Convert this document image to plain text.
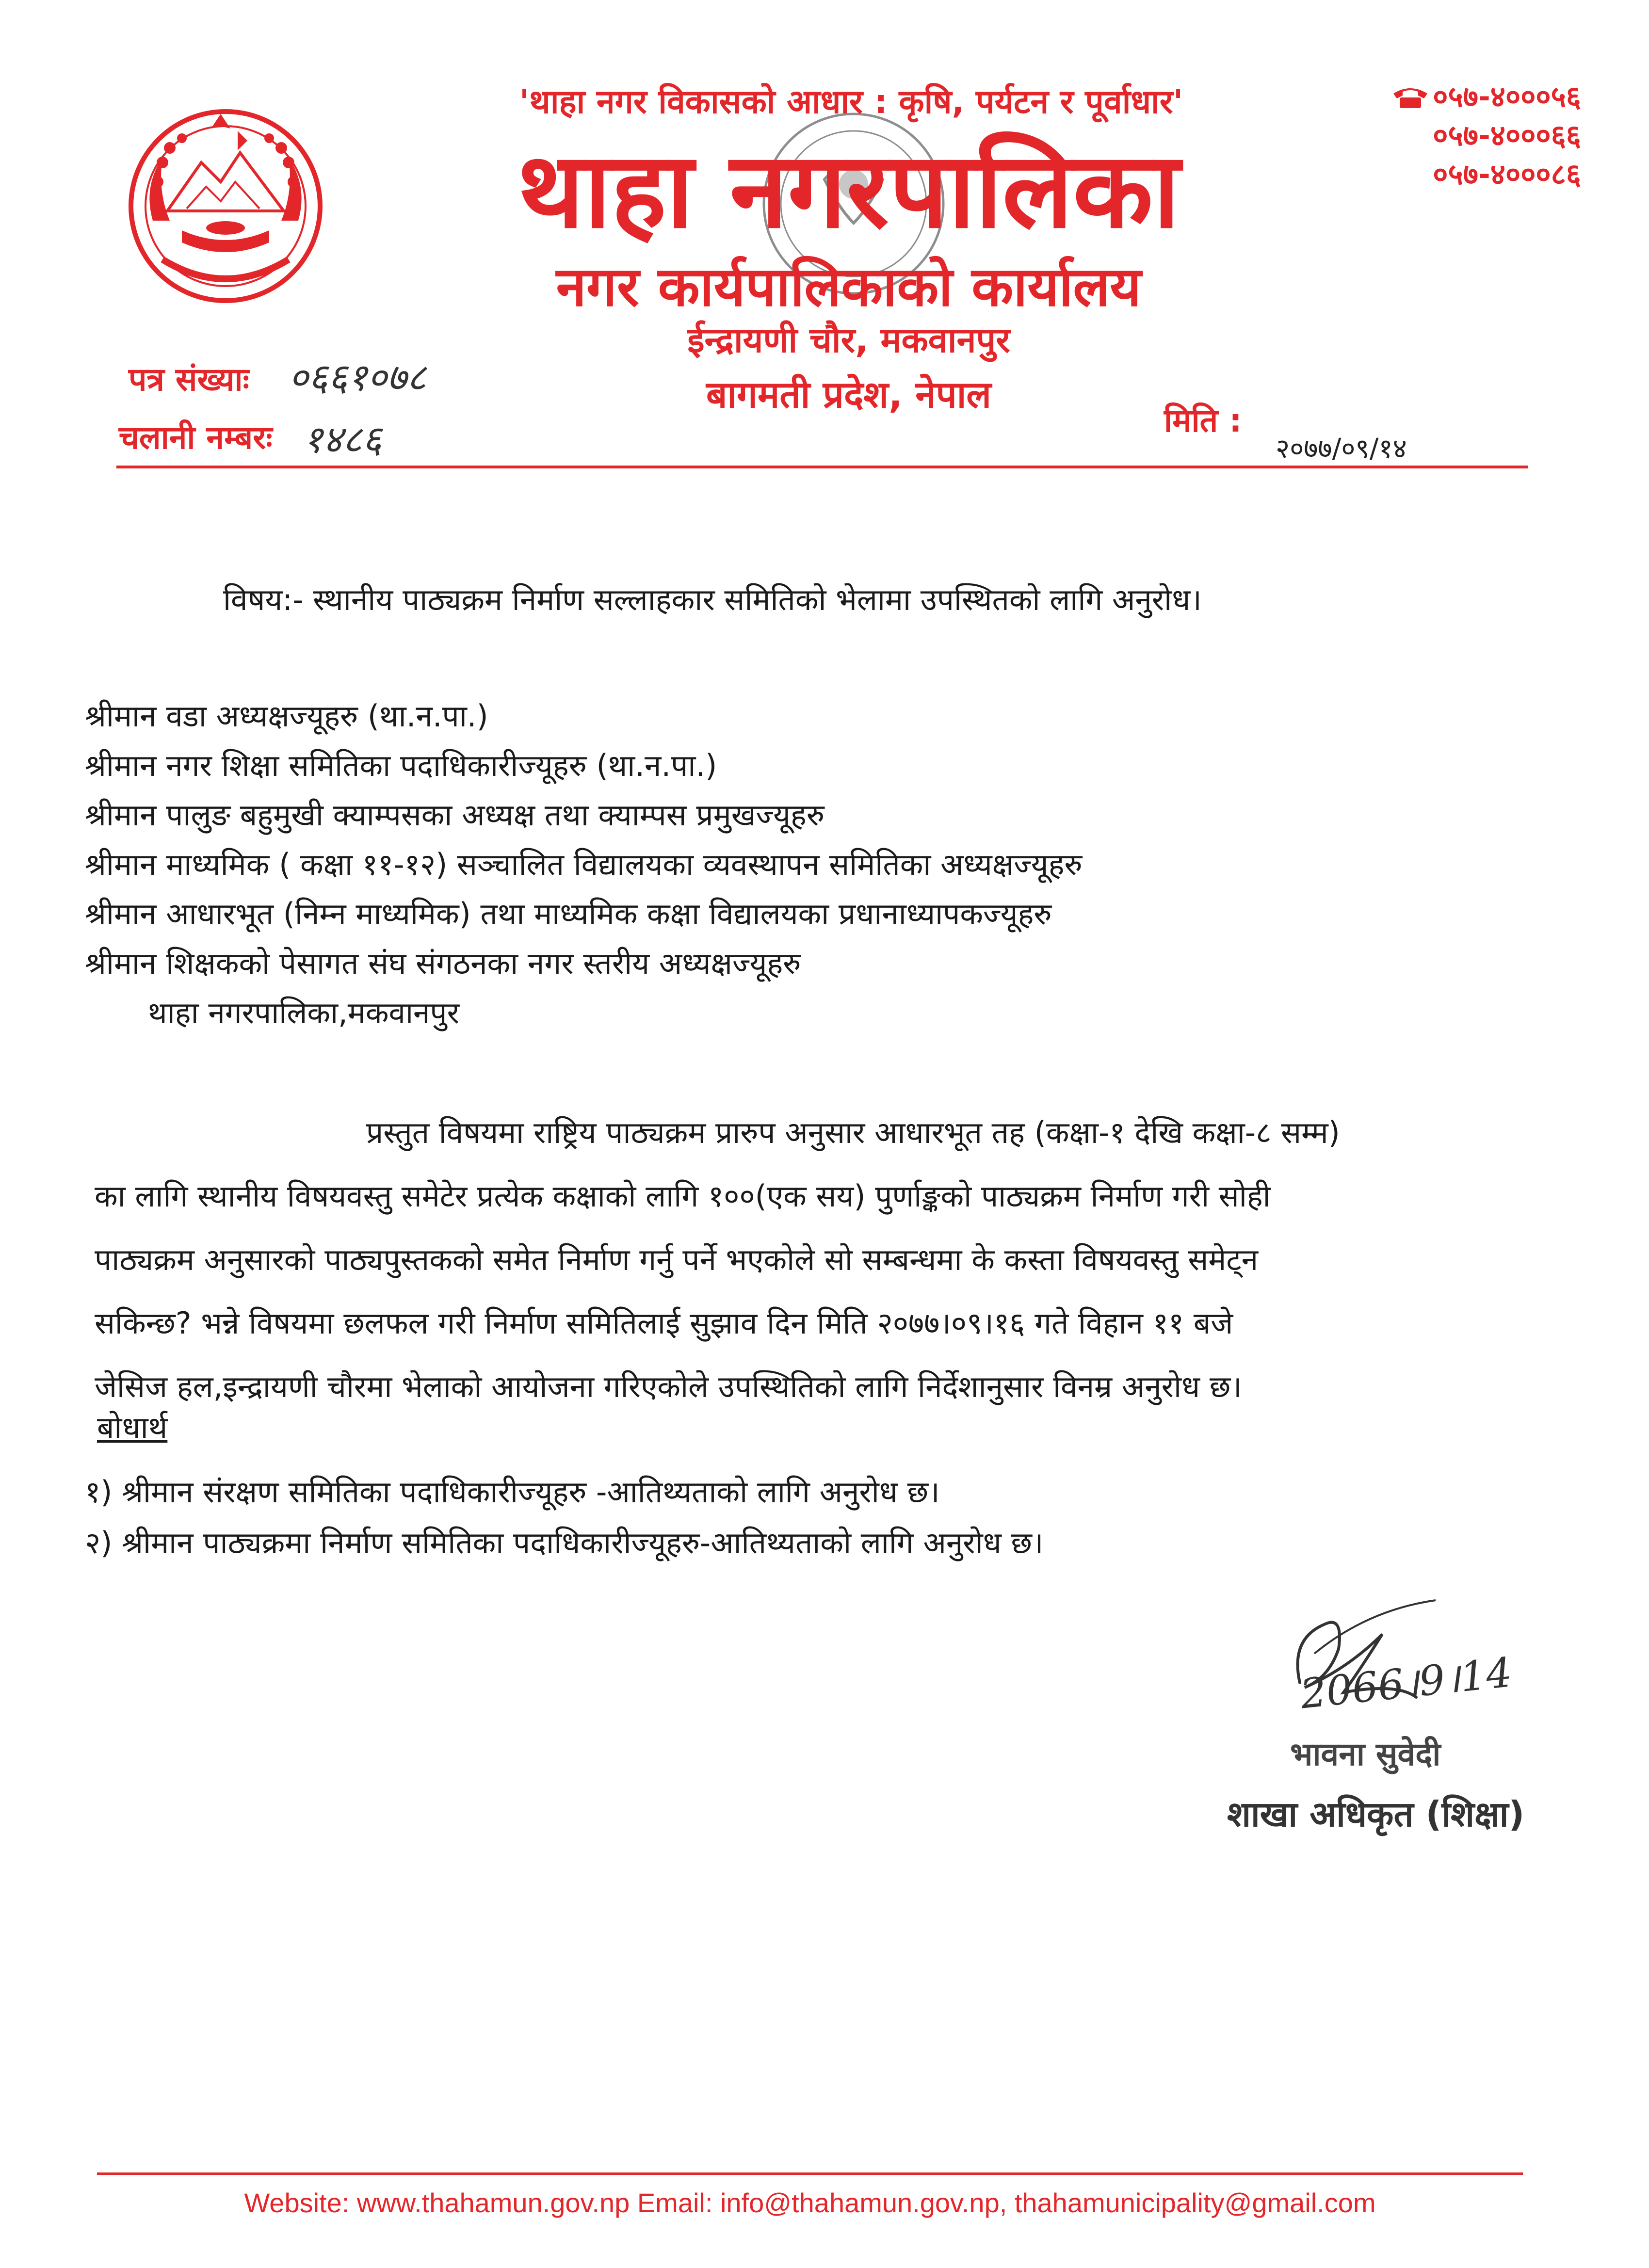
'थाहा नगर विकासको आधार : कृषि, पर्यटन र पूर्वाधार'
थाहा नगरपालिका
नगर कार्यपालिकाको कार्यालय
ईन्द्रायणी चौर, मकवानपुर
बागमती प्रदेश, नेपाल
०५७-४०००५६
०५७-४०००६६
०५७-४०००८६
पत्र संख्याः ०६६१०७८
चलानी नम्बरः १४८६	मिति :
२०७७/०९/१४
विषय:- स्थानीय पाठ्यक्रम निर्माण सल्लाहकार समितिको भेलामा उपस्थितको लागि अनुरोध।
श्रीमान वडा अध्यक्षज्यूहरु (था.न.पा.)
श्रीमान नगर शिक्षा समितिका पदाधिकारीज्यूहरु (था.न.पा.)
श्रीमान पालुङ बहुमुखी क्याम्पसका अध्यक्ष तथा क्याम्पस प्रमुखज्यूहरु
श्रीमान माध्यमिक ( कक्षा ११-१२) सञ्चालित विद्यालयका व्यवस्थापन समितिका अध्यक्षज्यूहरु
श्रीमान आधारभूत (निम्न माध्यमिक) तथा माध्यमिक कक्षा विद्यालयका प्रधानाध्यापकज्यूहरु
श्रीमान शिक्षकको पेसागत संघ संगठनका नगर स्तरीय अध्यक्षज्यूहरु
थाहा नगरपालिका,मकवानपुर
प्रस्तुत विषयमा राष्ट्रिय पाठ्यक्रम प्रारुप अनुसार आधारभूत तह (कक्षा-१ देखि कक्षा-८ सम्म)
का लागि स्थानीय विषयवस्तु समेटेर प्रत्येक कक्षाको लागि १००(एक सय) पुर्णाङ्कको पाठ्यक्रम निर्माण गरी सोही
पाठ्यक्रम अनुसारको पाठ्यपुस्तकको समेत निर्माण गर्नु पर्ने भएकोले सो सम्बन्धमा के कस्ता विषयवस्तु समेट्न
सकिन्छ? भन्ने विषयमा छलफल गरी निर्माण समितिलाई सुझाव दिन मिति २०७७।०९।१६ गते विहान ११ बजे
जेसिज हल,इन्द्रायणी चौरमा भेलाको आयोजना गरिएकोले उपस्थितिको लागि निर्देशानुसार विनम्र अनुरोध छ।
बोधार्थ
१) श्रीमान संरक्षण समितिका पदाधिकारीज्यूहरु -आतिथ्यताको लागि अनुरोध छ।
२) श्रीमान पाठ्यक्रमा निर्माण समितिका पदाधिकारीज्यूहरु-आतिथ्यताको लागि अनुरोध छ।
2066।9।14
भावना सुवेदी
शाखा अधिकृत (शिक्षा)
Website: www.thahamun.gov.np Email: info@thahamun.gov.np, thahamunicipality@gmail.com
